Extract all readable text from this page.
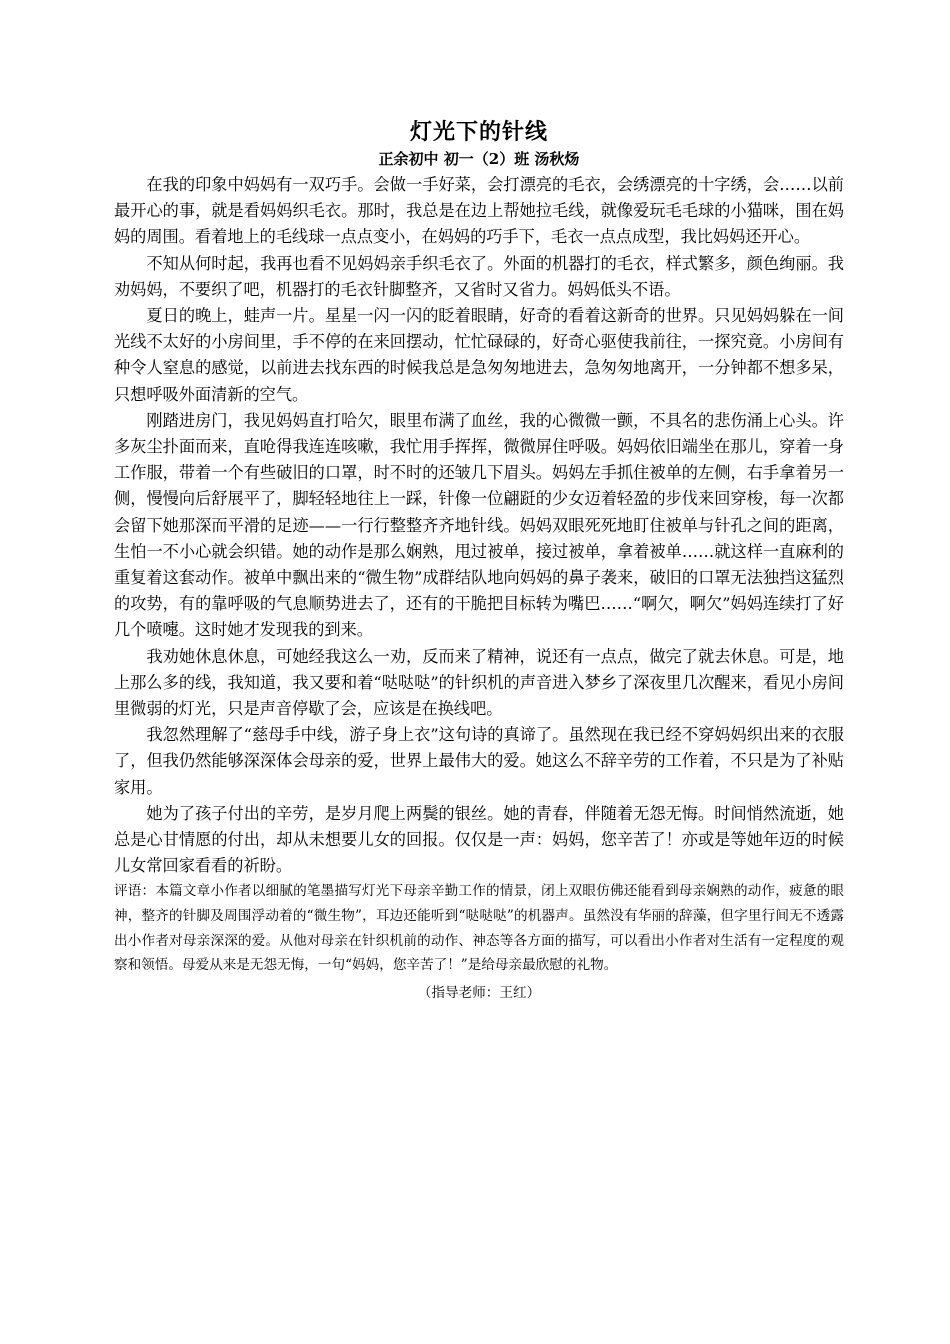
灯光下的针线
正余初中 初一（2）班 汤秋炀

在我的印象中妈妈有一双巧手。会做一手好菜，会打漂亮的毛衣，会绣漂亮的十字绣，会……以前最开心的事，就是看妈妈织毛衣。那时，我总是在边上帮她拉毛线，就像爱玩毛毛球的小猫咪，围在妈妈的周围。看着地上的毛线球一点点变小，在妈妈的巧手下，毛衣一点点成型，我比妈妈还开心。

不知从何时起，我再也看不见妈妈亲手织毛衣了。外面的机器打的毛衣，样式繁多，颜色绚丽。我劝妈妈，不要织了吧，机器打的毛衣针脚整齐，又省时又省力。妈妈低头不语。

夏日的晚上，蛙声一片。星星一闪一闪的眨着眼睛，好奇的看着这新奇的世界。只见妈妈躲在一间光线不太好的小房间里，手不停的在来回摆动，忙忙碌碌的，好奇心驱使我前往，一探究竟。小房间有种令人窒息的感觉，以前进去找东西的时候我总是急匆匆地进去，急匆匆地离开，一分钟都不想多呆，只想呼吸外面清新的空气。

刚踏进房门，我见妈妈直打哈欠，眼里布满了血丝，我的心微微一颤，不具名的悲伤涌上心头。许多灰尘扑面而来，直呛得我连连咳嗽，我忙用手挥挥，微微屏住呼吸。妈妈依旧端坐在那儿，穿着一身工作服，带着一个有些破旧的口罩，时不时的还皱几下眉头。妈妈左手抓住被单的左侧，右手拿着另一侧，慢慢向后舒展平了，脚轻轻地往上一踩，针像一位翩跹的少女迈着轻盈的步伐来回穿梭，每一次都会留下她那深而平滑的足迹——一行行整整齐齐地针线。妈妈双眼死死地盯住被单与针孔之间的距离，生怕一不小心就会织错。她的动作是那么娴熟，甩过被单，接过被单，拿着被单……就这样一直麻利的重复着这套动作。被单中飘出来的“微生物”成群结队地向妈妈的鼻子袭来，破旧的口罩无法独挡这猛烈的攻势，有的靠呼吸的气息顺势进去了，还有的干脆把目标转为嘴巴……“啊欠，啊欠”妈妈连续打了好几个喷嚏。这时她才发现我的到来。

我劝她休息休息，可她经我这么一劝，反而来了精神，说还有一点点，做完了就去休息。可是，地上那么多的线，我知道，我又要和着“哒哒哒”的针织机的声音进入梦乡了深夜里几次醒来，看见小房间里微弱的灯光，只是声音停歇了会，应该是在换线吧。

我忽然理解了“慈母手中线，游子身上衣”这句诗的真谛了。虽然现在我已经不穿妈妈织出来的衣服了，但我仍然能够深深体会母亲的爱，世界上最伟大的爱。她这么不辞辛劳的工作着，不只是为了补贴家用。

她为了孩子付出的辛劳，是岁月爬上两鬓的银丝。她的青春，伴随着无怨无悔。时间悄然流逝，她总是心甘情愿的付出，却从未想要儿女的回报。仅仅是一声：妈妈，您辛苦了！亦或是等她年迈的时候儿女常回家看看的祈盼。

评语：本篇文章小作者以细腻的笔墨描写灯光下母亲辛勤工作的情景，闭上双眼仿佛还能看到母亲娴熟的动作，疲惫的眼神，整齐的针脚及周围浮动着的“微生物”，耳边还能听到“哒哒哒”的机器声。虽然没有华丽的辞藻，但字里行间无不透露出小作者对母亲深深的爱。从他对母亲在针织机前的动作、神态等各方面的描写，可以看出小作者对生活有一定程度的观察和领悟。母爱从来是无怨无悔，一句“妈妈，您辛苦了！”是给母亲最欣慰的礼物。

（指导老师：王红）
